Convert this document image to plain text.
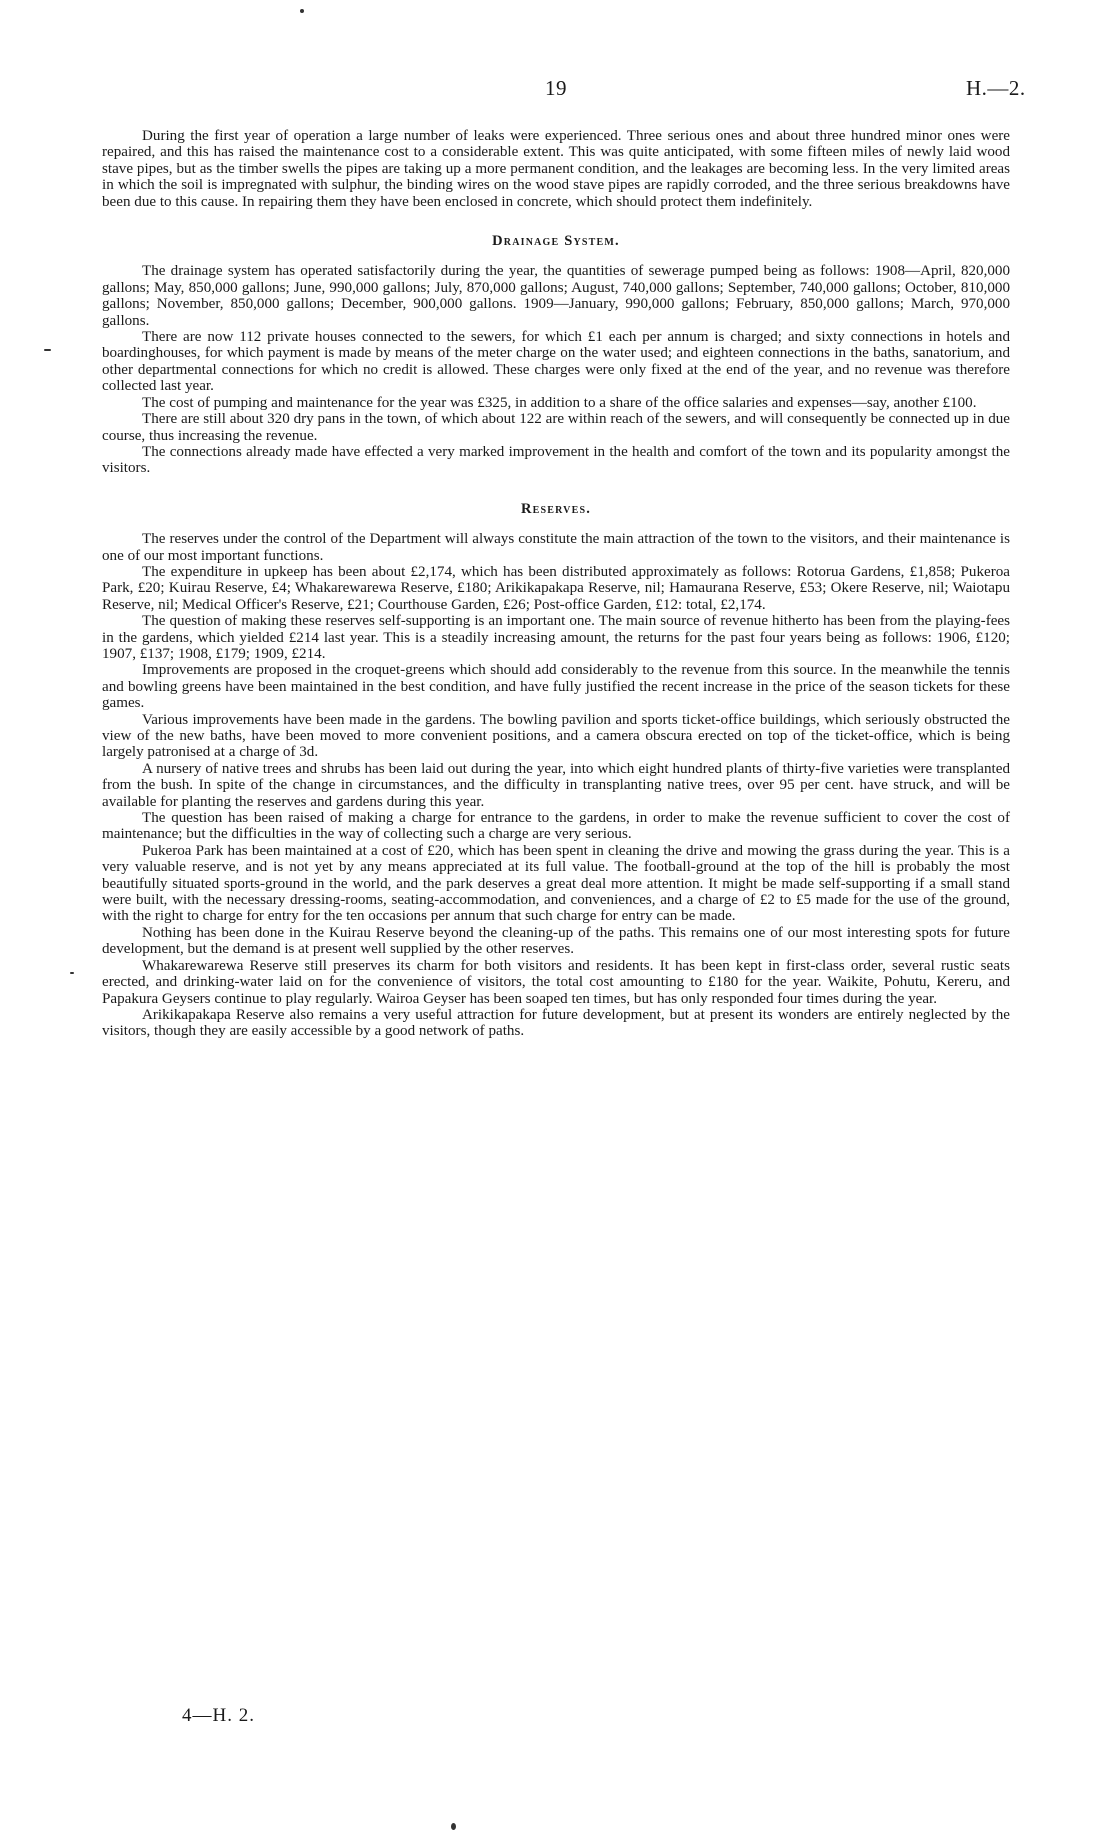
19	H.—2.

During the first year of operation a large number of leaks were experienced. Three serious ones and about three hundred minor ones were repaired, and this has raised the maintenance cost to a considerable extent. This was quite anticipated, with some fifteen miles of newly laid wood stave pipes, but as the timber swells the pipes are taking up a more permanent condition, and the leakages are becoming less. In the very limited areas in which the soil is impregnated with sulphur, the binding wires on the wood stave pipes are rapidly corroded, and the three serious breakdowns have been due to this cause. In repairing them they have been enclosed in concrete, which should protect them indefinitely.

Drainage System.

The drainage system has operated satisfactorily during the year, the quantities of sewerage pumped being as follows: 1908—April, 820,000 gallons; May, 850,000 gallons; June, 990,000 gallons; July, 870,000 gallons; August, 740,000 gallons; September, 740,000 gallons; October, 810,000 gallons; November, 850,000 gallons; December, 900,000 gallons. 1909—January, 990,000 gallons; February, 850,000 gallons; March, 970,000 gallons.

There are now 112 private houses connected to the sewers, for which £1 each per annum is charged; and sixty connections in hotels and boardinghouses, for which payment is made by means of the meter charge on the water used; and eighteen connections in the baths, sanatorium, and other departmental connections for which no credit is allowed. These charges were only fixed at the end of the year, and no revenue was therefore collected last year.

The cost of pumping and maintenance for the year was £325, in addition to a share of the office salaries and expenses—say, another £100.

There are still about 320 dry pans in the town, of which about 122 are within reach of the sewers, and will consequently be connected up in due course, thus increasing the revenue.

The connections already made have effected a very marked improvement in the health and comfort of the town and its popularity amongst the visitors.

Reserves.

The reserves under the control of the Department will always constitute the main attraction of the town to the visitors, and their maintenance is one of our most important functions.

The expenditure in upkeep has been about £2,174, which has been distributed approximately as follows: Rotorua Gardens, £1,858; Pukeroa Park, £20; Kuirau Reserve, £4; Whakarewarewa Reserve, £180; Arikikapakapa Reserve, nil; Hamaurana Reserve, £53; Okere Reserve, nil; Waiotapu Reserve, nil; Medical Officer's Reserve, £21; Courthouse Garden, £26; Post-office Garden, £12: total, £2,174.

The question of making these reserves self-supporting is an important one. The main source of revenue hitherto has been from the playing-fees in the gardens, which yielded £214 last year. This is a steadily increasing amount, the returns for the past four years being as follows: 1906, £120; 1907, £137; 1908, £179; 1909, £214.

Improvements are proposed in the croquet-greens which should add considerably to the revenue from this source. In the meanwhile the tennis and bowling greens have been maintained in the best condition, and have fully justified the recent increase in the price of the season tickets for these games.

Various improvements have been made in the gardens. The bowling pavilion and sports ticket-office buildings, which seriously obstructed the view of the new baths, have been moved to more convenient positions, and a camera obscura erected on top of the ticket-office, which is being largely patronised at a charge of 3d.

A nursery of native trees and shrubs has been laid out during the year, into which eight hundred plants of thirty-five varieties were transplanted from the bush. In spite of the change in circumstances, and the difficulty in transplanting native trees, over 95 per cent. have struck, and will be available for planting the reserves and gardens during this year.

The question has been raised of making a charge for entrance to the gardens, in order to make the revenue sufficient to cover the cost of maintenance; but the difficulties in the way of collecting such a charge are very serious.

Pukeroa Park has been maintained at a cost of £20, which has been spent in cleaning the drive and mowing the grass during the year. This is a very valuable reserve, and is not yet by any means appreciated at its full value. The football-ground at the top of the hill is probably the most beautifully situated sports-ground in the world, and the park deserves a great deal more attention. It might be made self-supporting if a small stand were built, with the necessary dressing-rooms, seating-accommodation, and conveniences, and a charge of £2 to £5 made for the use of the ground, with the right to charge for entry for the ten occasions per annum that such charge for entry can be made.

Nothing has been done in the Kuirau Reserve beyond the cleaning-up of the paths. This remains one of our most interesting spots for future development, but the demand is at present well supplied by the other reserves.

Whakarewarewa Reserve still preserves its charm for both visitors and residents. It has been kept in first-class order, several rustic seats erected, and drinking-water laid on for the convenience of visitors, the total cost amounting to £180 for the year. Waikite, Pohutu, Kereru, and Papakura Geysers continue to play regularly. Wairoa Geyser has been soaped ten times, but has only responded four times during the year.

Arikikapakapa Reserve also remains a very useful attraction for future development, but at present its wonders are entirely neglected by the visitors, though they are easily accessible by a good network of paths.

4—H. 2.
